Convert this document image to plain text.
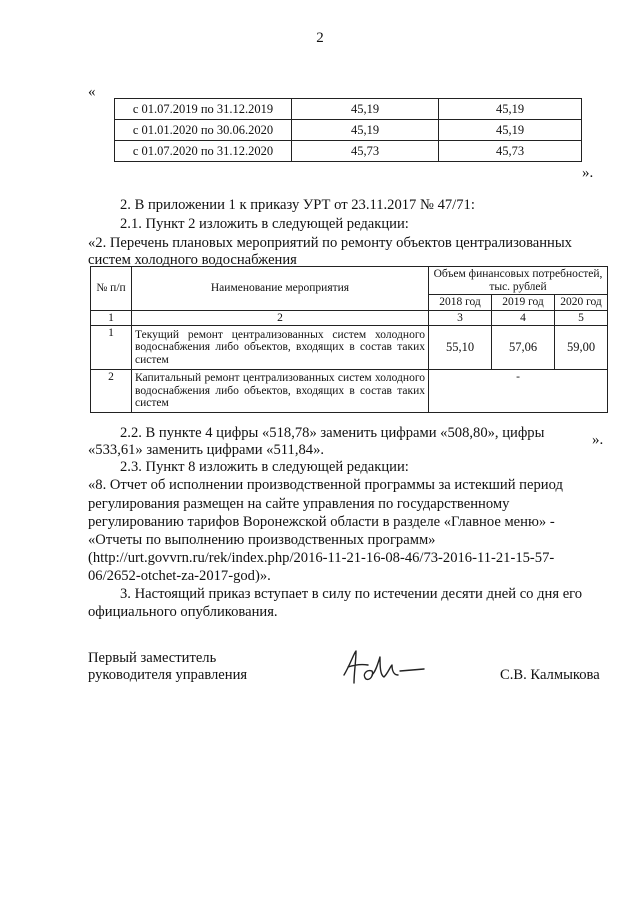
2
«
с 01.07.2019 по 31.12.2019	45,19	45,19
с 01.01.2020 по 30.06.2020	45,19	45,19
с 01.07.2020 по 31.12.2020	45,73	45,73
».
2. В приложении 1 к приказу УРТ от 23.11.2017 № 47/71:
2.1. Пункт 2 изложить в следующей редакции:
«2. Перечень плановых мероприятий по ремонту объектов централизованных
систем холодного водоснабжения
№ п/п	Наименование мероприятия	Объем финансовых потребностей, тыс. рублей		
		2018 год	2019 год	2020 год
1	2	3	4	5
1	Текущий ремонт централизованных систем холодного водоснабжения либо объектов, входящих в состав таких систем	55,10	57,06	59,00
2	Капитальный ремонт централизованных систем холодного водоснабжения либо объектов, входящих в состав таких систем	-		
».
2.2. В пункте 4 цифры «518,78» заменить цифрами «508,80», цифры
«533,61» заменить цифрами «511,84».
2.3. Пункт 8 изложить в следующей редакции:
«8. Отчет об исполнении производственной программы за истекший период
регулирования размещен на сайте управления по государственному
регулированию тарифов Воронежской области в разделе «Главное меню» -
«Отчеты по выполнению производственных программ»
(http://urt.govvrn.ru/rek/index.php/2016-11-21-16-08-46/73-2016-11-21-15-57-
06/2652-otchet-za-2017-god)».
3. Настоящий приказ вступает в силу по истечении десяти дней со дня его
официального опубликования.
Первый заместитель
руководителя управления	С.В. Калмыкова
